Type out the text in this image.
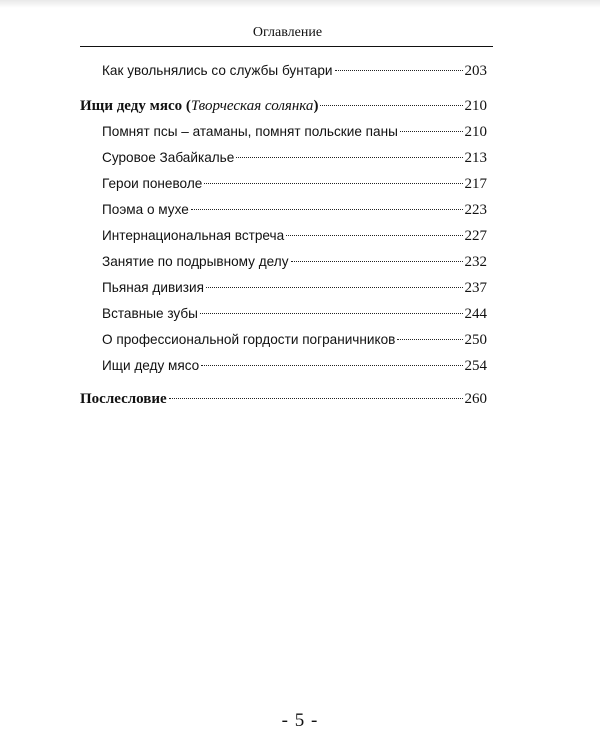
Оглавление
Как увольнялись со службы бунтари	203
Ищи деду мясо (Творческая солянка)	210
Помнят псы – атаманы, помнят польские паны	210
Суровое Забайкалье	213
Герои поневоле	217
Поэма о мухе	223
Интернациональная встреча	227
Занятие по подрывному делу	232
Пьяная дивизия	237
Вставные зубы	244
О профессиональной гордости пограничников	250
Ищи деду мясо	254
Послесловие	260
- 5 -
